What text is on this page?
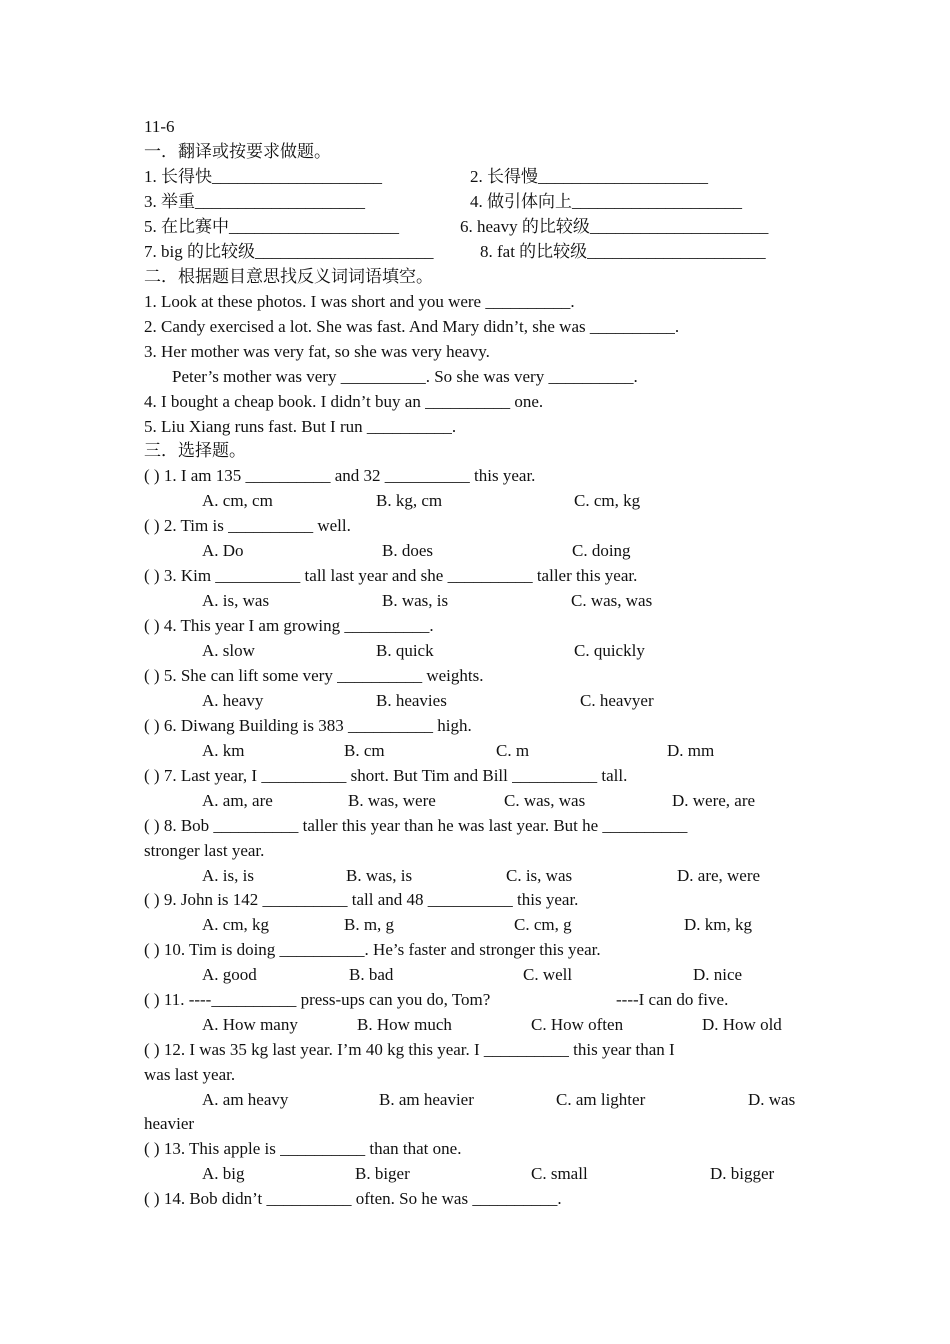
11-6
一．翻译或按要求做题。
1. 长得快____________________	2. 长得慢____________________
3. 举重____________________	4. 做引体向上____________________
5. 在比赛中____________________	6. heavy 的比较级_____________________
7. big 的比较级_____________________	8. fat 的比较级_____________________
二．根据题目意思找反义词词语填空。
1. Look at these photos. I was short and you were __________.
2. Candy exercised a lot. She was fast. And Mary didn’t, she was __________.
3. Her mother was very fat, so she was very heavy.
Peter’s mother was very __________. So she was very __________.
4. I bought a cheap book. I didn’t buy an __________ one.
5. Liu Xiang runs fast. But I run __________.
三．选择题。
( ) 1. I am 135 __________ and 32 __________ this year.
A. cm, cm	B. kg, cm	C. cm, kg
( ) 2. Tim is __________ well.
A. Do	B. does	C. doing
( ) 3. Kim __________ tall last year and she __________ taller this year.
A. is, was	B. was, is	C. was, was
( ) 4. This year I am growing __________.
A. slow	B. quick	C. quickly
( ) 5. She can lift some very __________ weights.
A. heavy	B. heavies	C. heavyer
( ) 6. Diwang Building is 383 __________ high.
A. km	B. cm	C. m	D. mm
( ) 7. Last year, I __________ short. But Tim and Bill __________ tall.
A. am, are	B. was, were	C. was, was	D. were, are
( ) 8. Bob __________ taller this year than he was last year. But he __________
stronger last year.
A. is, is	B. was, is	C. is, was	D. are, were
( ) 9. John is 142 __________ tall and 48 __________ this year.
A. cm, kg	B. m, g	C. cm, g	D. km, kg
( ) 10. Tim is doing __________. He’s faster and stronger this year.
A. good	B. bad	C. well	D. nice
( ) 11. ----__________ press-ups can you do, Tom?	----I can do five.
A. How many	B. How much	C. How often	D. How old
( ) 12. I was 35 kg last year. I’m 40 kg this year. I __________ this year than I
was last year.
A. am heavy	B. am heavier	C. am lighter	D. was
heavier
( ) 13. This apple is __________ than that one.
A. big	B. biger	C. small	D. bigger
( ) 14. Bob didn’t __________ often. So he was __________.
